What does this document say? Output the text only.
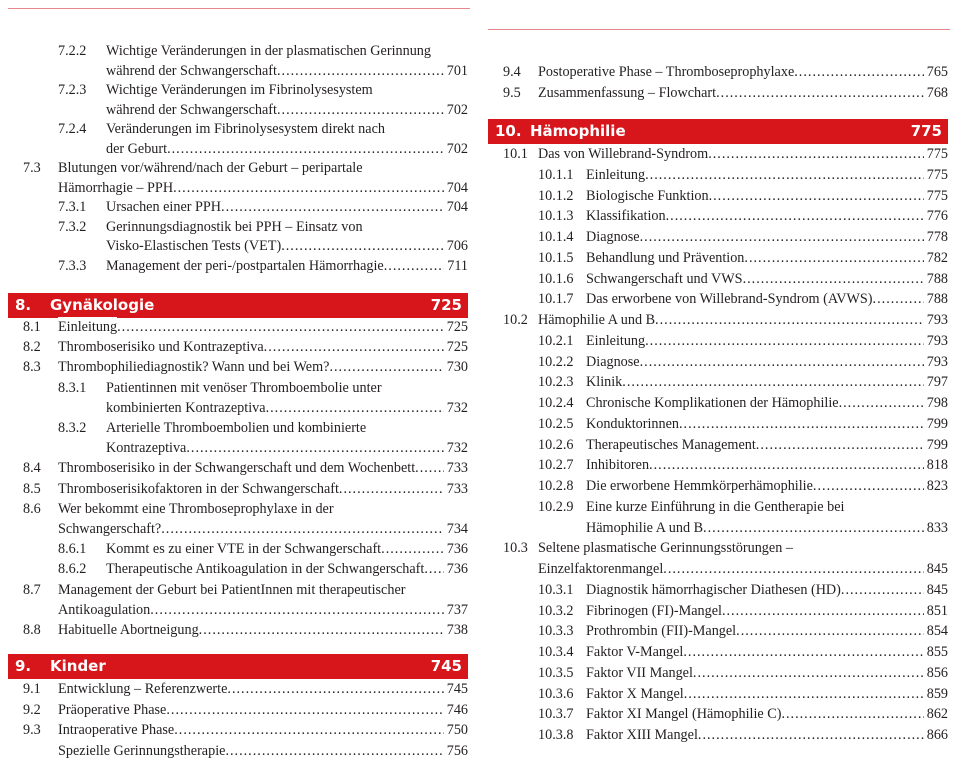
7.2.2 Wichtige Veränderungen in der plasmatischen Gerinnung
während der Schwangerschaft .....	701
7.2.3 Wichtige Veränderungen im Fibrinolysesystem
während der Schwangerschaft .....	702
7.2.4 Veränderungen im Fibrinolysesystem direkt nach
der Geburt .....	702
7.3 Blutungen vor/während/nach der Geburt – peripartale
Hämorrhagie – PPH .....	704
7.3.1 Ursachen einer PPH .....	704
7.3.2 Gerinnungsdiagnostik bei PPH – Einsatz von
Visko-Elastischen Tests (VET) .....	706
7.3.3 Management der peri-/postpartalen Hämorrhagie .....	711
8. Gynäkologie	725
8.1 Einleitung .....	725
8.2 Thromboserisiko und Kontrazeptiva .....	725
8.3 Thrombophiliediagnostik? Wann und bei Wem? .....	730
8.3.1 Patientinnen mit venöser Thromboembolie unter
kombinierten Kontrazeptiva .....	732
8.3.2 Arterielle Thromboembolien und kombinierte
Kontrazeptiva .....	732
8.4 Thromboserisiko in der Schwangerschaft und dem Wochenbett ..... 733
8.5 Thromboserisikofaktoren in der Schwangerschaft .....	733
8.6 Wer bekommt eine Thromboseprophylaxe in der
Schwangerschaft? .....	734
8.6.1 Kommt es zu einer VTE in der Schwangerschaft .....	736
8.6.2 Therapeutische Antikoagulation in der Schwangerschaft ..... 736
8.7 Management der Geburt bei PatientInnen mit therapeutischer
Antikoagulation .....	737
8.8 Habituelle Abortneigung .....	738
9. Kinder	745
9.1 Entwicklung – Referenzwerte .....	745
9.2 Präoperative Phase .....	746
9.3 Intraoperative Phase .....	750
Spezielle Gerinnungstherapie .....	756
9.4 Postoperative Phase – Thromboseprophylaxe .....	765
9.5 Zusammenfassung – Flowchart .....	768
10. Hämophilie	775
10.1 Das von Willebrand-Syndrom .....	775
10.1.1 Einleitung .....	775
10.1.2 Biologische Funktion .....	775
10.1.3 Klassifikation .....	776
10.1.4 Diagnose .....	778
10.1.5 Behandlung und Prävention .....	782
10.1.6 Schwangerschaft und VWS .....	788
10.1.7 Das erworbene von Willebrand-Syndrom (AVWS) .....	788
10.2 Hämophilie A und B .....	793
10.2.1 Einleitung .....	793
10.2.2 Diagnose .....	793
10.2.3 Klinik .....	797
10.2.4 Chronische Komplikationen der Hämophilie .....	798
10.2.5 Konduktorinnen .....	799
10.2.6 Therapeutisches Management .....	799
10.2.7 Inhibitoren .....	818
10.2.8 Die erworbene Hemmkörperhämophilie .....	823
10.2.9 Eine kurze Einführung in die Gentherapie bei
Hämophilie A und B .....	833
10.3 Seltene plasmatische Gerinnungsstörungen –
Einzelfaktorenmangel .....	845
10.3.1 Diagnostik hämorrhagischer Diathesen (HD) .....	845
10.3.2 Fibrinogen (FI)-Mangel .....	851
10.3.3 Prothrombin (FII)-Mangel .....	854
10.3.4 Faktor V-Mangel .....	855
10.3.5 Faktor VII Mangel .....	856
10.3.6 Faktor X Mangel .....	859
10.3.7 Faktor XI Mangel (Hämophilie C) .....	862
10.3.8 Faktor XIII Mangel .....	866
